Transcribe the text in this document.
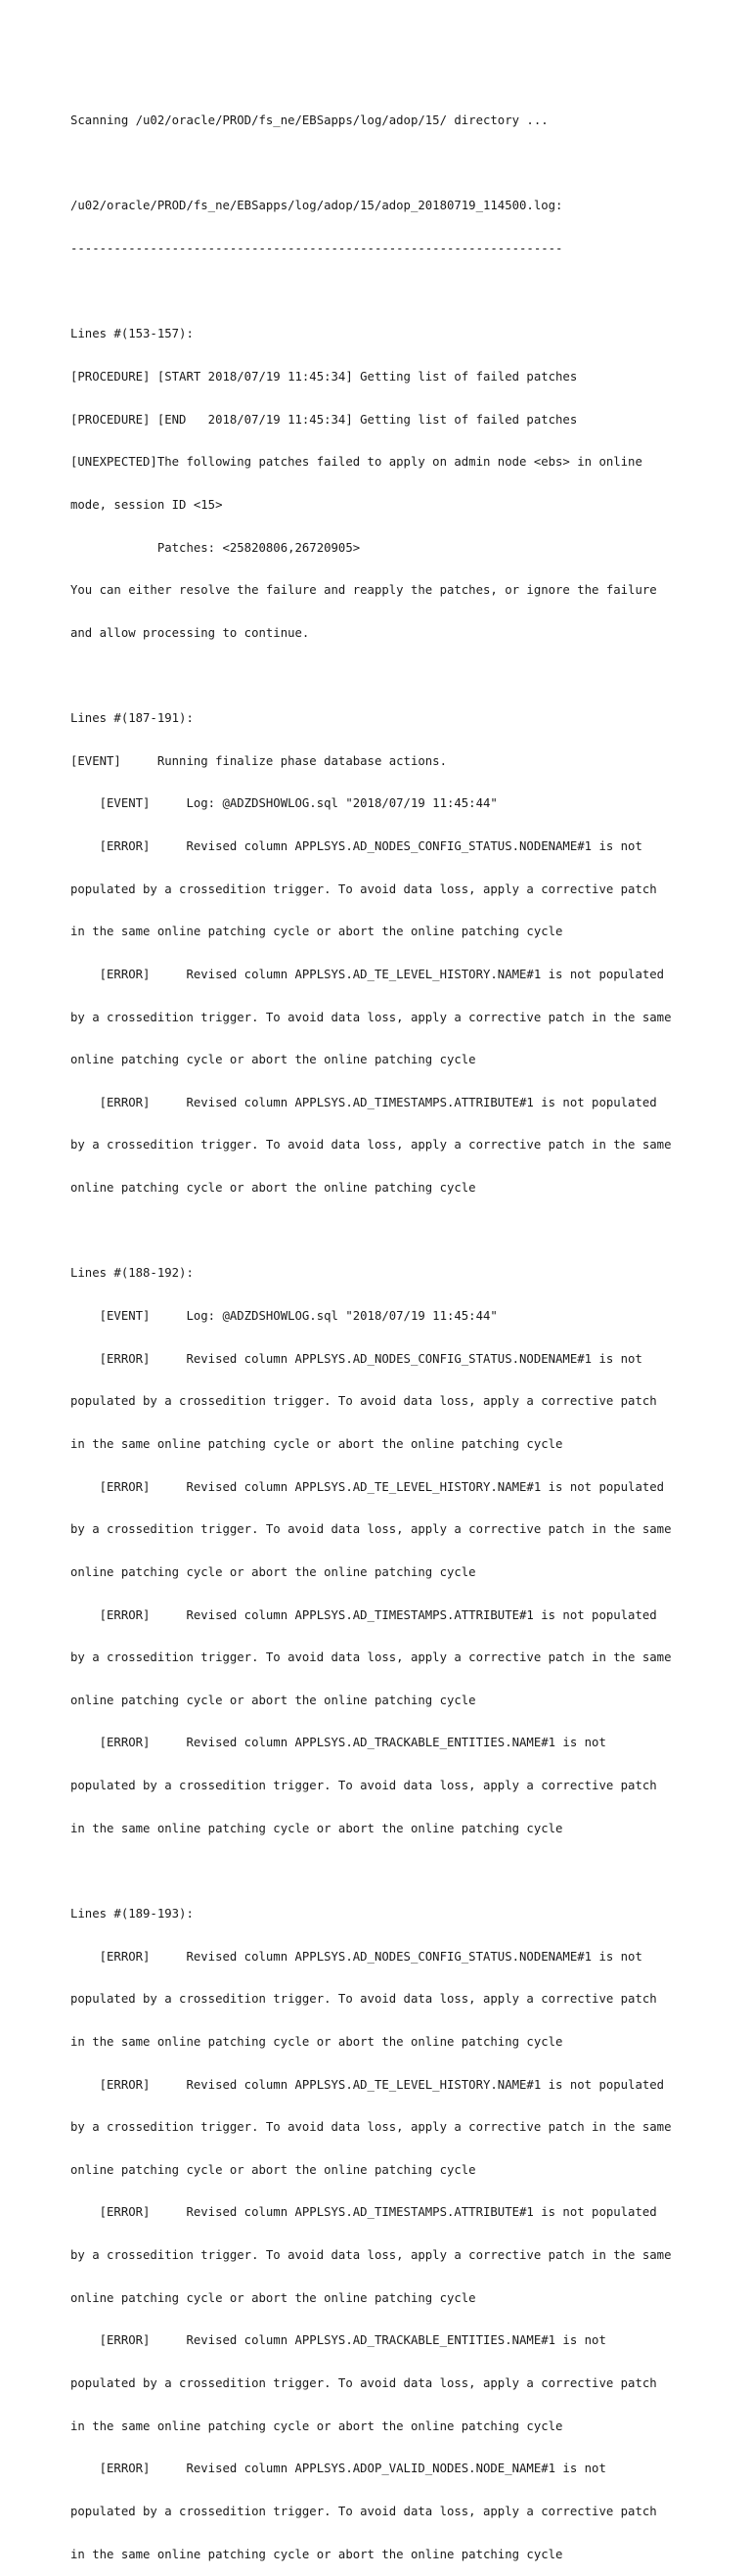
Scanning /u02/oracle/PROD/fs_ne/EBSapps/log/adop/15/ directory ...

/u02/oracle/PROD/fs_ne/EBSapps/log/adop/15/adop_20180719_114500.log:

--------------------------------------------------------------------

Lines #(153-157):

[PROCEDURE] [START 2018/07/19 11:45:34] Getting list of failed patches

[PROCEDURE] [END   2018/07/19 11:45:34] Getting list of failed patches

[UNEXPECTED]The following patches failed to apply on admin node <ebs> in online

mode, session ID <15>

Patches: <25820806,26720905>

You can either resolve the failure and reapply the patches, or ignore the failure

and allow processing to continue.

Lines #(187-191):

[EVENT]     Running finalize phase database actions.

[EVENT]     Log: @ADZDSHOWLOG.sql "2018/07/19 11:45:44"

[ERROR]     Revised column APPLSYS.AD_NODES_CONFIG_STATUS.NODENAME#1 is not

populated by a crossedition trigger. To avoid data loss, apply a corrective patch

in the same online patching cycle or abort the online patching cycle

[ERROR]     Revised column APPLSYS.AD_TE_LEVEL_HISTORY.NAME#1 is not populated

by a crossedition trigger. To avoid data loss, apply a corrective patch in the same

online patching cycle or abort the online patching cycle

[ERROR]     Revised column APPLSYS.AD_TIMESTAMPS.ATTRIBUTE#1 is not populated

by a crossedition trigger. To avoid data loss, apply a corrective patch in the same

online patching cycle or abort the online patching cycle

Lines #(188-192):

[EVENT]     Log: @ADZDSHOWLOG.sql "2018/07/19 11:45:44"

[ERROR]     Revised column APPLSYS.AD_NODES_CONFIG_STATUS.NODENAME#1 is not

populated by a crossedition trigger. To avoid data loss, apply a corrective patch

in the same online patching cycle or abort the online patching cycle

[ERROR]     Revised column APPLSYS.AD_TE_LEVEL_HISTORY.NAME#1 is not populated

by a crossedition trigger. To avoid data loss, apply a corrective patch in the same

online patching cycle or abort the online patching cycle

[ERROR]     Revised column APPLSYS.AD_TIMESTAMPS.ATTRIBUTE#1 is not populated

by a crossedition trigger. To avoid data loss, apply a corrective patch in the same

online patching cycle or abort the online patching cycle

[ERROR]     Revised column APPLSYS.AD_TRACKABLE_ENTITIES.NAME#1 is not

populated by a crossedition trigger. To avoid data loss, apply a corrective patch

in the same online patching cycle or abort the online patching cycle

Lines #(189-193):

[ERROR]     Revised column APPLSYS.AD_NODES_CONFIG_STATUS.NODENAME#1 is not

populated by a crossedition trigger. To avoid data loss, apply a corrective patch

in the same online patching cycle or abort the online patching cycle

[ERROR]     Revised column APPLSYS.AD_TE_LEVEL_HISTORY.NAME#1 is not populated

by a crossedition trigger. To avoid data loss, apply a corrective patch in the same

online patching cycle or abort the online patching cycle

[ERROR]     Revised column APPLSYS.AD_TIMESTAMPS.ATTRIBUTE#1 is not populated

by a crossedition trigger. To avoid data loss, apply a corrective patch in the same

online patching cycle or abort the online patching cycle

[ERROR]     Revised column APPLSYS.AD_TRACKABLE_ENTITIES.NAME#1 is not

populated by a crossedition trigger. To avoid data loss, apply a corrective patch

in the same online patching cycle or abort the online patching cycle

[ERROR]     Revised column APPLSYS.ADOP_VALID_NODES.NODE_NAME#1 is not

populated by a crossedition trigger. To avoid data loss, apply a corrective patch

in the same online patching cycle or abort the online patching cycle
